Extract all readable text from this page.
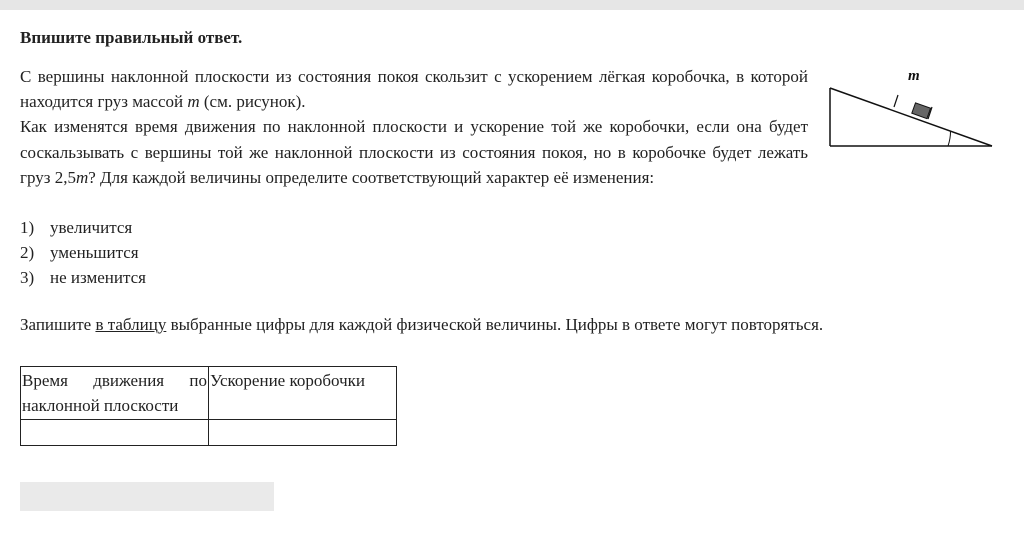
Впишите правильный ответ.

С вершины наклонной плоскости из состояния покоя скользит с ускорением лёгкая коробочка, в которой находится груз массой m (см. рисунок).

Как изменятся время движения по наклонной плоскости и ускорение той же коробочки, если она будет соскальзывать с вершины той же наклонной плоскости из состояния покоя, но в коробочке будет лежать груз 2,5m? Для каждой величины определите соответствующий характер её изменения:

m
1) увеличится
2) уменьшится
3) не изменится
Запишите в таблицу выбранные цифры для каждой физической величины. Цифры в ответе могут повторяться.
Время движения по наклонной плоскости	Ускорение коробочки
